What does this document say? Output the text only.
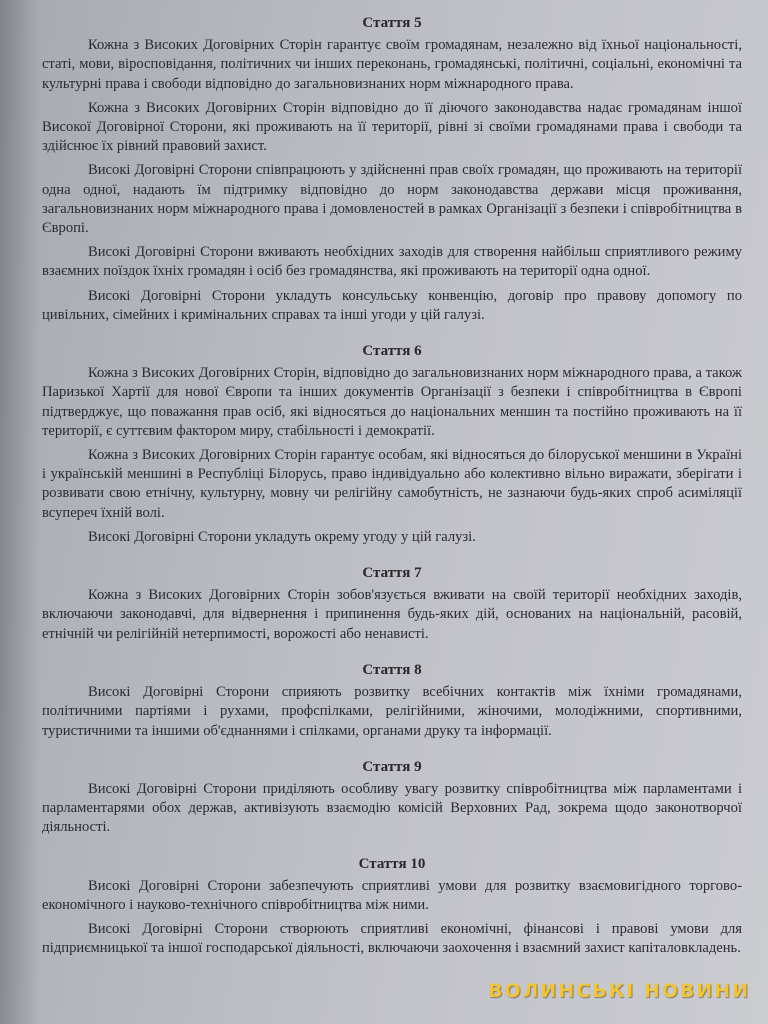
Стаття 5

Кожна з Високих Договірних Сторін гарантує своїм громадянам, незалежно від їхньої національності, статі, мови, віросповідання, політичних чи інших переконань, громадянські, політичні, соціальні, економічні та культурні права і свободи відповідно до загальновизнаних норм міжнародного права.

Кожна з Високих Договірних Сторін відповідно до її діючого законодавства надає громадянам іншої Високої Договірної Сторони, які проживають на її території, рівні зі своїми громадянами права і свободи та здійснює їх рівний правовий захист.

Високі Договірні Сторони співпрацюють у здійсненні прав своїх громадян, що проживають на території одна одної, надають їм підтримку відповідно до норм законодавства держави місця проживання, загальновизнаних норм міжнародного права і домовленостей в рамках Організації з безпеки і співробітництва в Європі.

Високі Договірні Сторони вживають необхідних заходів для створення найбільш сприятливого режиму взаємних поїздок їхніх громадян і осіб без громадянства, які проживають на території одна одної.

Високі Договірні Сторони укладуть консульську конвенцію, договір про правову допомогу по цивільних, сімейних і кримінальних справах та інші угоди у цій галузі.

Стаття 6

Кожна з Високих Договірних Сторін, відповідно до загальновизнаних норм міжнародного права, а також Паризької Хартії для нової Європи та інших документів Організації з безпеки і співробітництва в Європі підтверджує, що поважання прав осіб, які відносяться до національних меншин та постійно проживають на її території, є суттєвим фактором миру, стабільності і демократії.

Кожна з Високих Договірних Сторін гарантує особам, які відносяться до білоруської меншини в Україні і українській меншині в Республіці Білорусь, право індивідуально або колективно вільно виражати, зберігати і розвивати свою етнічну, культурну, мовну чи релігійну самобутність, не зазнаючи будь-яких спроб асиміляції всупереч їхній волі.

Високі Договірні Сторони укладуть окрему угоду у цій галузі.

Стаття 7

Кожна з Високих Договірних Сторін зобов'язується вживати на своїй території необхідних заходів, включаючи законодавчі, для відвернення і припинення будь-яких дій, основаних на національній, расовій, етнічній чи релігійній нетерпимості, ворожості або ненависті.

Стаття 8

Високі Договірні Сторони сприяють розвитку всебічних контактів між їхніми громадянами, політичними партіями і рухами, профспілками, релігійними, жіночими, молодіжними, спортивними, туристичними та іншими об'єднаннями і спілками, органами друку та інформації.

Стаття 9

Високі Договірні Сторони приділяють особливу увагу розвитку співробітництва між парламентами і парламентарями обох держав, активізують взаємодію комісій Верховних Рад, зокрема щодо законотворчої діяльності.

Стаття 10

Високі Договірні Сторони забезпечують сприятливі умови для розвитку взаємовигідного торгово-економічного і науково-технічного співробітництва між ними.

Високі Договірні Сторони створюють сприятливі економічні, фінансові і правові умови для підприємницької та іншої господарської діяльності, включаючи заохочення і взаємний захист капіталовкладень.

ВОЛИНСЬКІ НОВИНИ
